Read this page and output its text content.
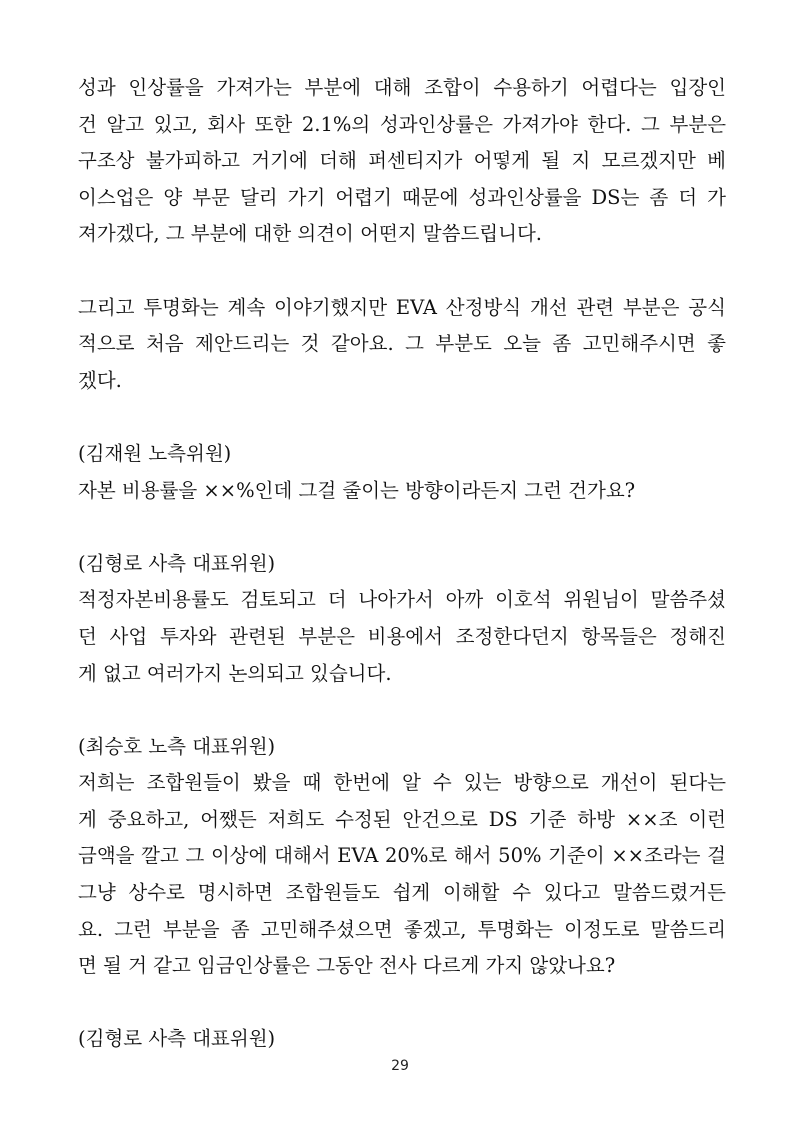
성과 인상률을 가져가는 부분에 대해 조합이 수용하기 어렵다는 입장인
건 알고 있고, 회사 또한 2.1%의 성과인상률은 가져가야 한다. 그 부분은
구조상 불가피하고 거기에 더해 퍼센티지가 어떻게 될 지 모르겠지만 베
이스업은 양 부문 달리 가기 어렵기 때문에 성과인상률을 DS는 좀 더 가
져가겠다, 그 부분에 대한 의견이 어떤지 말씀드립니다.
그리고 투명화는 계속 이야기했지만 EVA 산정방식 개선 관련 부분은 공식
적으로 처음 제안드리는 것 같아요. 그 부분도 오늘 좀 고민해주시면 좋
겠다.
(김재원 노측위원)
자본 비용률을 ××%인데 그걸 줄이는 방향이라든지 그런 건가요?
(김형로 사측 대표위원)
적정자본비용률도 검토되고 더 나아가서 아까 이호석 위원님이 말씀주셨
던 사업 투자와 관련된 부분은 비용에서 조정한다던지 항목들은 정해진
게 없고 여러가지 논의되고 있습니다.
(최승호 노측 대표위원)
저희는 조합원들이 봤을 때 한번에 알 수 있는 방향으로 개선이 된다는
게 중요하고, 어쨌든 저희도 수정된 안건으로 DS 기준 하방 ××조 이런
금액을 깔고 그 이상에 대해서 EVA 20%로 해서 50% 기준이 ××조라는 걸
그냥 상수로 명시하면 조합원들도 쉽게 이해할 수 있다고 말씀드렸거든
요. 그런 부분을 좀 고민해주셨으면 좋겠고, 투명화는 이정도로 말씀드리
면 될 거 같고 임금인상률은 그동안 전사 다르게 가지 않았나요?
(김형로 사측 대표위원)
29
